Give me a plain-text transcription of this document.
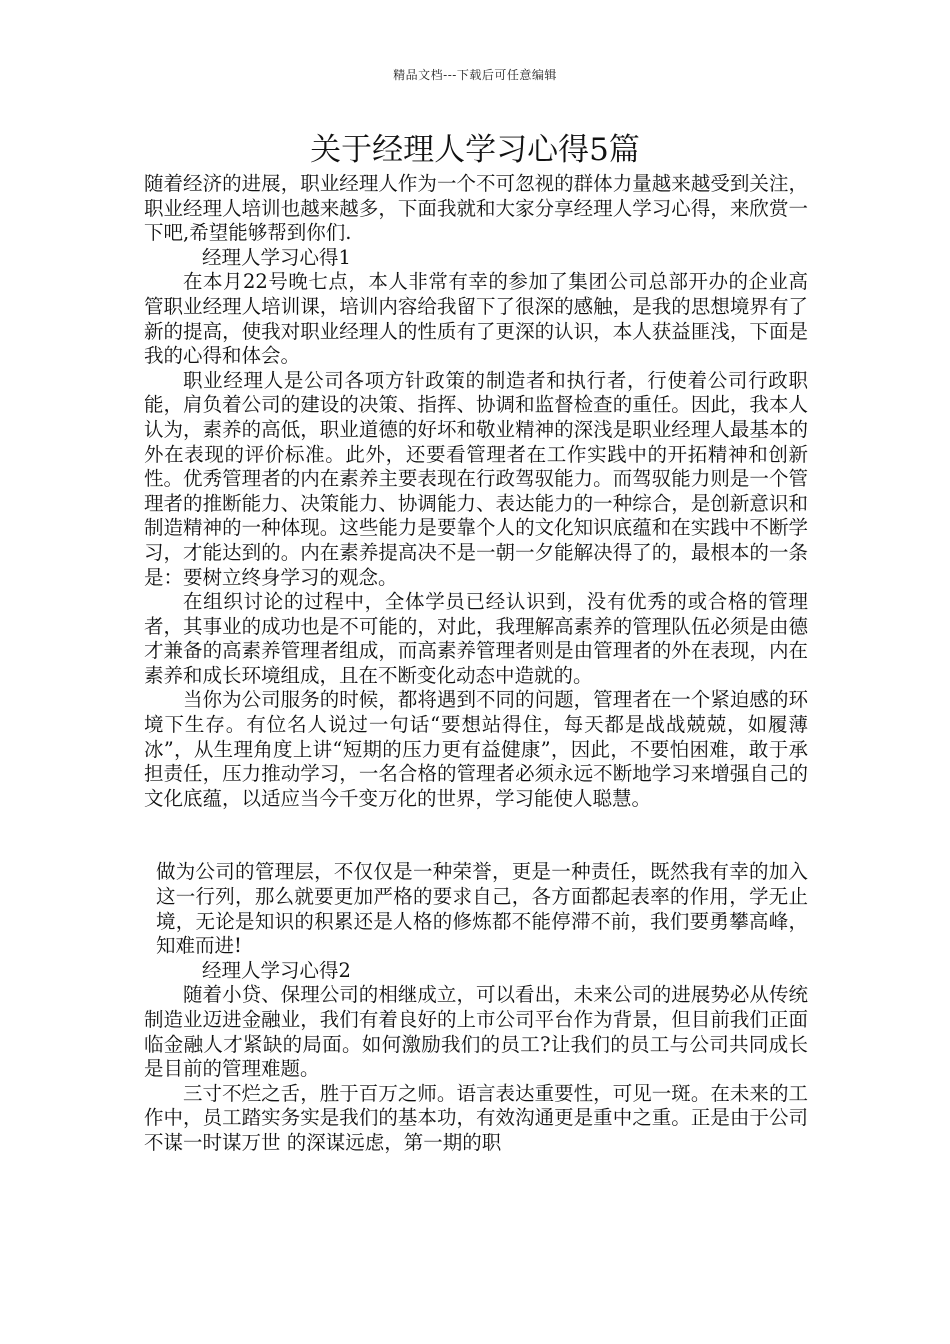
精品文档---下载后可任意编辑
关于经理人学习心得5篇

随着经济的进展，职业经理人作为一个不可忽视的群体力量越来越受到关注，职业经理人培训也越来越多，下面我就和大家分享经理人学习心得，来欣赏一下吧,希望能够帮到你们.

经理人学习心得1

在本月22号晚七点，本人非常有幸的参加了集团公司总部开办的企业高管职业经理人培训课，培训内容给我留下了很深的感触，是我的思想境界有了新的提高，使我对职业经理人的性质有了更深的认识，本人获益匪浅，下面是我的心得和体会。

职业经理人是公司各项方针政策的制造者和执行者，行使着公司行政职能，肩负着公司的建设的决策、指挥、协调和监督检查的重任。因此，我本人认为，素养的高低，职业道德的好坏和敬业精神的深浅是职业经理人最基本的外在表现的评价标准。此外，还要看管理者在工作实践中的开拓精神和创新性。优秀管理者的内在素养主要表现在行政驾驭能力。而驾驭能力则是一个管理者的推断能力、决策能力、协调能力、表达能力的一种综合，是创新意识和制造精神的一种体现。这些能力是要靠个人的文化知识底蕴和在实践中不断学习，才能达到的。内在素养提高决不是一朝一夕能解决得了的，最根本的一条是：要树立终身学习的观念。

在组织讨论的过程中，全体学员已经认识到，没有优秀的或合格的管理者，其事业的成功也是不可能的，对此，我理解高素养的管理队伍必须是由德才兼备的高素养管理者组成，而高素养管理者则是由管理者的外在表现，内在素养和成长环境组成，且在不断变化动态中造就的。

当你为公司服务的时候，都将遇到不同的问题，管理者在一个紧迫感的环境下生存。有位名人说过一句话“要想站得住，每天都是战战兢兢，如履薄冰”，从生理角度上讲“短期的压力更有益健康”，因此，不要怕困难，敢于承担责任，压力推动学习，一名合格的管理者必须永远不断地学习来增强自己的文化底蕴，以适应当今千变万化的世界，学习能使人聪慧。

做为公司的管理层，不仅仅是一种荣誉，更是一种责任，既然我有幸的加入这一行列，那么就要更加严格的要求自己，各方面都起表率的作用，学无止境，无论是知识的积累还是人格的修炼都不能停滞不前，我们要勇攀高峰，知难而进!

经理人学习心得2

随着小贷、保理公司的相继成立，可以看出，未来公司的进展势必从传统制造业迈进金融业，我们有着良好的上市公司平台作为背景，但目前我们正面临金融人才紧缺的局面。如何激励我们的员工?让我们的员工与公司共同成长是目前的管理难题。

三寸不烂之舌，胜于百万之师。语言表达重要性，可见一斑。在未来的工作中，员工踏实务实是我们的基本功，有效沟通更是重中之重。正是由于公司 不谋一时谋万世 的深谋远虑，第一期的职
